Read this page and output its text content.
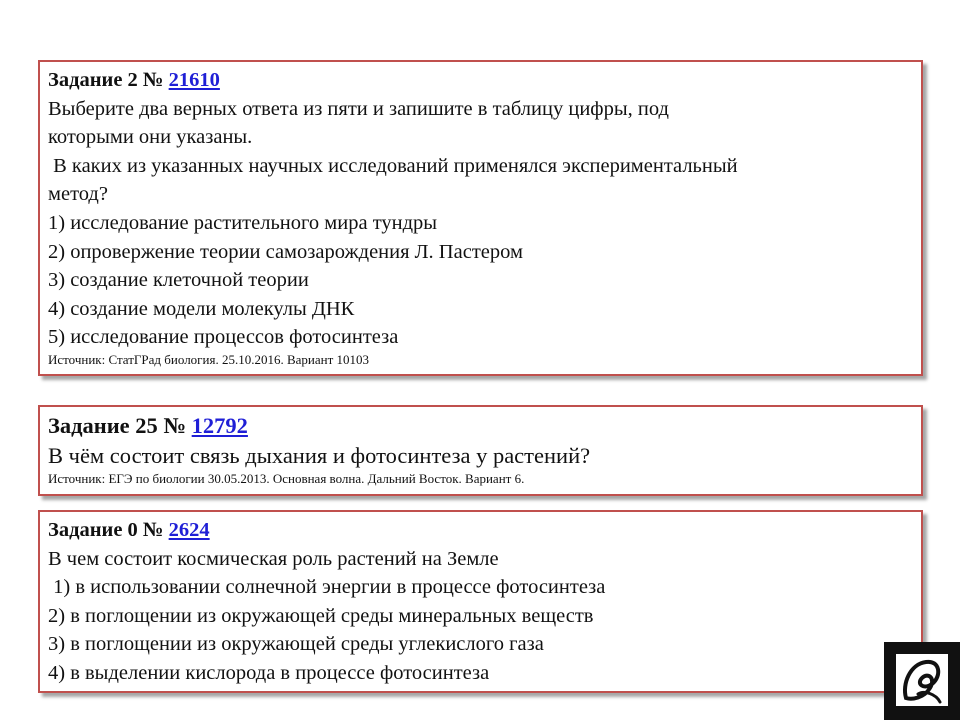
Задание 2 № 21610
Выберите два верных ответа из пяти и запишите в таблицу цифры, под
которыми они указаны.
В каких из указанных научных исследований применялся экспериментальный
метод?
1) исследование растительного мира тундры
2) опровержение теории самозарождения Л. Пастером
3) создание клеточной теории
4) создание модели молекулы ДНК
5) исследование процессов фотосинтеза
Источник: СтатГРад биология. 25.10.2016. Вариант 10103
Задание 25 № 12792
В чём состоит связь дыхания и фотосинтеза у растений?
Источник: ЕГЭ по биологии 30.05.2013. Основная волна. Дальний Восток. Вариант 6.
Задание 0 № 2624
В чем состоит космическая роль растений на Земле
1) в использовании солнечной энергии в процессе фотосинтеза
2) в поглощении из окружающей среды минеральных веществ
3) в поглощении из окружающей среды углекислого газа
4) в выделении кислорода в процессе фотосинтеза
